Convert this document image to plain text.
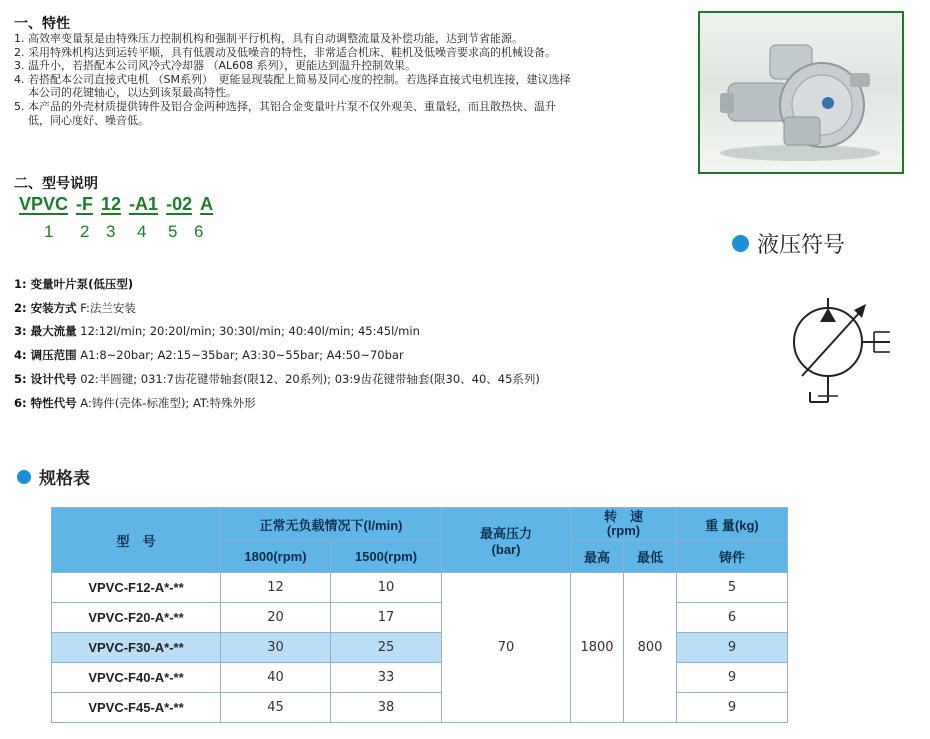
一、特性
1. 高效率变量泵是由特殊压力控制机构和强制平行机构，具有自动调整流量及补偿功能，达到节省能源。
2. 采用特殊机构达到运转平顺，具有低震动及低噪音的特性，非常适合机床、鞋机及低噪音要求高的机械设备。
3. 温升小，若搭配本公司风冷式冷却器 （AL608 系列），更能达到温升控制效果。
4. 若搭配本公司直接式电机 （SM系列）　更能显现装配上简易及同心度的控制。若选择直接式电机连接，建议选择本公司的花键轴心，以达到该泵最高特性。
5. 本产品的外壳材质提供铸件及铝合金两种选择，其铝合金变量叶片泵不仅外观美、重量轻，而且散热快、温升低，同心度好、噪音低。
二、型号说明
VPVC -F 12 -A1 -02 A
1 2 3 4 5 6
1: 变量叶片泵(低压型)
2: 安装方式 F:法兰安装
3: 最大流量 12:12l/min; 20:20l/min; 30:30l/min; 40:40l/min; 45:45l/min
4: 调压范围 A1:8~20bar; A2:15~35bar; A3:30~55bar; A4:50~70bar
5: 设计代号 02:半圆键; 031:7齿花键带轴套(限12、20系列); 03:9齿花键带轴套(限30、40、45系列)
6: 特性代号 A:铸件(壳体-标准型); AT:特殊外形
液压符号
规格表
型　号	正常无负载情况下(l/min)		最高压力
(bar)	转　速
(rpm)		重 量(kg)
	1800(rpm)	1500(rpm)		最高	最低	铸件
VPVC-F12-A*-**	12	10	70	1800	800	5
VPVC-F20-A*-**	20	17				6
VPVC-F30-A*-**	30	25				9
VPVC-F40-A*-**	40	33				9
VPVC-F45-A*-**	45	38				9
